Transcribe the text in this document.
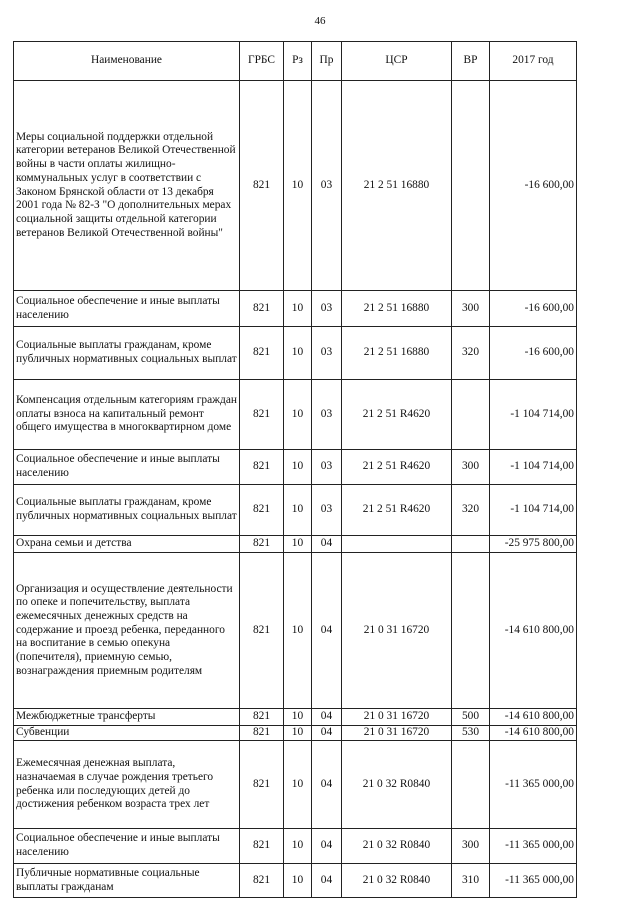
46
Наименование	ГРБС	Рз	Пр	ЦСР	ВР	2017 год
Меры социальной поддержки отдельной категории ветеранов Великой Отечественной войны в части оплаты жилищно-коммунальных услуг в соответствии с Законом Брянской области от 13 декабря 2001 года № 82-З "О дополнительных мерах социальной защиты отдельной категории ветеранов Великой Отечественной войны"	821	10	03	21 2 51 16880		-16 600,00
Социальное обеспечение и иные выплаты населению	821	10	03	21 2 51 16880	300	-16 600,00
Социальные выплаты гражданам, кроме публичных нормативных социальных выплат	821	10	03	21 2 51 16880	320	-16 600,00
Компенсация отдельным категориям граждан оплаты взноса на капитальный ремонт общего имущества в многоквартирном доме	821	10	03	21 2 51 R4620		-1 104 714,00
Социальное обеспечение и иные выплаты населению	821	10	03	21 2 51 R4620	300	-1 104 714,00
Социальные выплаты гражданам, кроме публичных нормативных социальных выплат	821	10	03	21 2 51 R4620	320	-1 104 714,00
Охрана семьи и детства	821	10	04			-25 975 800,00
Организация и осуществление деятельности по опеке и попечительству, выплата ежемесячных денежных средств на содержание и проезд ребенка, переданного на воспитание в семью опекуна (попечителя), приемную семью, вознаграждения приемным родителям	821	10	04	21 0 31 16720		-14 610 800,00
Межбюджетные трансферты	821	10	04	21 0 31 16720	500	-14 610 800,00
Субвенции	821	10	04	21 0 31 16720	530	-14 610 800,00
Ежемесячная денежная выплата, назначаемая в случае рождения третьего ребенка или последующих детей до достижения ребенком возраста трех лет	821	10	04	21 0 32 R0840		-11 365 000,00
Социальное обеспечение и иные выплаты населению	821	10	04	21 0 32 R0840	300	-11 365 000,00
Публичные нормативные социальные выплаты гражданам	821	10	04	21 0 32 R0840	310	-11 365 000,00
